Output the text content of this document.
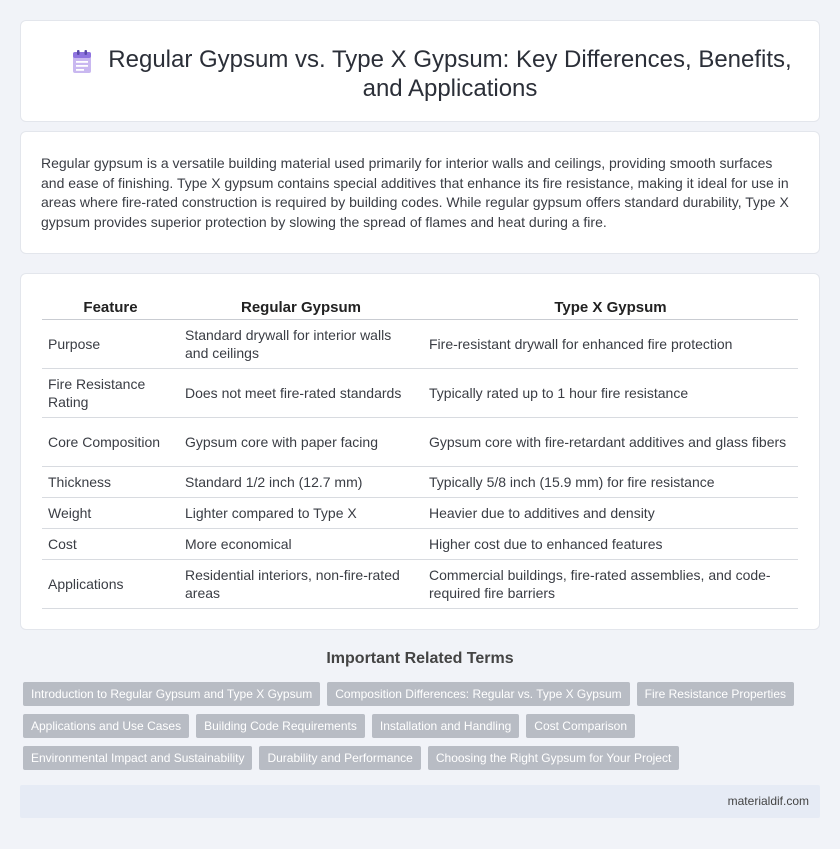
Regular Gypsum vs. Type X Gypsum: Key Differences, Benefits, and Applications

Regular gypsum is a versatile building material used primarily for interior walls and ceilings, providing smooth surfaces and ease of finishing. Type X gypsum contains special additives that enhance its fire resistance, making it ideal for use in areas where fire-rated construction is required by building codes. While regular gypsum offers standard durability, Type X gypsum provides superior protection by slowing the spread of flames and heat during a fire.

Feature	Regular Gypsum	Type X Gypsum
Purpose	Standard drywall for interior walls and ceilings	Fire-resistant drywall for enhanced fire protection
Fire Resistance Rating	Does not meet fire-rated standards	Typically rated up to 1 hour fire resistance
Core Composition	Gypsum core with paper facing	Gypsum core with fire-retardant additives and glass fibers
Thickness	Standard 1/2 inch (12.7 mm)	Typically 5/8 inch (15.9 mm) for fire resistance
Weight	Lighter compared to Type X	Heavier due to additives and density
Cost	More economical	Higher cost due to enhanced features
Applications	Residential interiors, non-fire-rated areas	Commercial buildings, fire-rated assemblies, and code-required fire barriers
Important Related Terms
Introduction to Regular Gypsum and Type X Gypsum	Composition Differences: Regular vs. Type X Gypsum	Fire Resistance Properties
Applications and Use Cases	Building Code Requirements	Installation and Handling	Cost Comparison
Environmental Impact and Sustainability	Durability and Performance	Choosing the Right Gypsum for Your Project
materialdif.com
